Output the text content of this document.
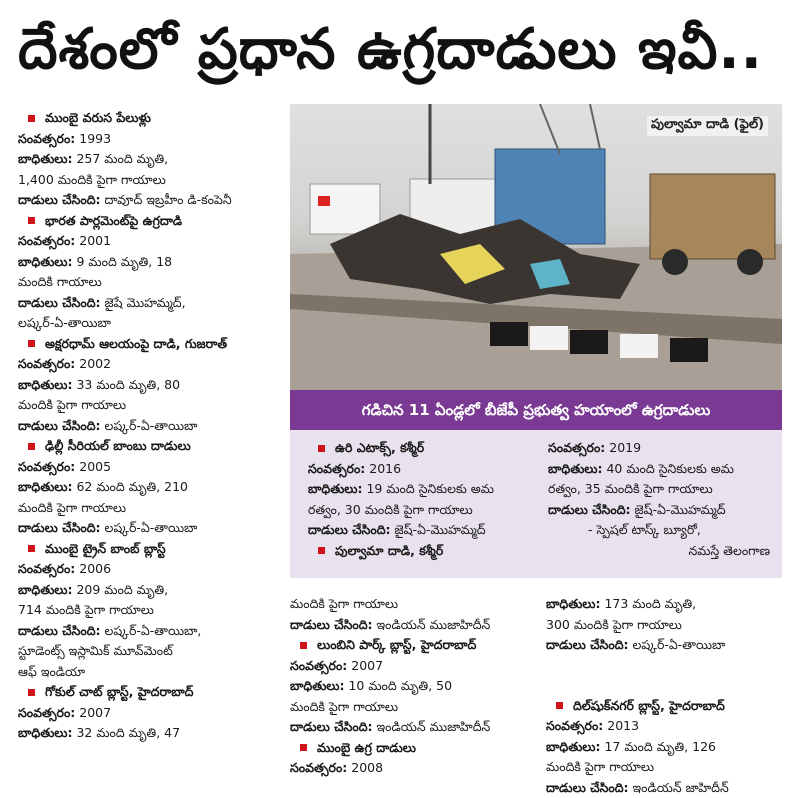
దేశంలో ప్రధాన ఉగ్రదాడులు ఇవీ..
ముంబై వరుస పేలుళ్లు
సంవత్సరం: 1993
బాధితులు: 257 మంది మృతి,
1,400 మందికి పైగా గాయాలు
దాడులు చేసింది: దావూద్ ఇబ్రహీం డి-కంపెనీ
భారత పార్లమెంట్‌పై ఉగ్రదాడి
సంవత్సరం: 2001
బాధితులు: 9 మంది మృతి, 18
మందికి గాయాలు
దాడులు చేసింది: జైషే మొహమ్మద్,
లష్కర్-ఏ-తాయిబా
అక్షరధామ్ ఆలయంపై దాడి, గుజరాత్
సంవత్సరం: 2002
బాధితులు: 33 మంది మృతి, 80
మందికి పైగా గాయాలు
దాడులు చేసింది: లష్కర్-ఏ-తాయిబా
ఢిల్లీ సీరియల్ బాంబు దాడులు
సంవత్సరం: 2005
బాధితులు: 62 మంది మృతి, 210
మందికి పైగా గాయాలు
దాడులు చేసింది: లష్కర్-ఏ-తాయిబా
ముంబై ట్రైన్ బాంబ్ బ్లాస్ట్
సంవత్సరం: 2006
బాధితులు: 209 మంది మృతి,
714 మందికి పైగా గాయాలు
దాడులు చేసింది: లష్కర్-ఏ-తాయిబా,
స్టూడెంట్స్ ఇస్లామిక్ మూవ్‌మెంట్
ఆఫ్ ఇండియా
గోకుల్ చాట్ బ్లాస్ట్, హైదరాబాద్
సంవత్సరం: 2007
బాధితులు: 32 మంది మృతి, 47
పుల్వామా దాడి (ఫైల్)
గడిచిన 11 ఏండ్లలో బీజేపీ ప్రభుత్వ హయాంలో ఉగ్రదాడులు
ఉరి ఎటాక్స్, కశ్మీర్
సంవత్సరం: 2016
బాధితులు: 19 మంది సైనికులకు అమ
రత్వం, 30 మందికి పైగా గాయాలు
దాడులు చేసింది: జైష్-ఏ-మొహమ్మద్
పుల్వామా దాడి, కశ్మీర్
సంవత్సరం: 2019
బాధితులు: 40 మంది సైనికులకు అమ
రత్వం, 35 మందికి పైగా గాయాలు
దాడులు చేసింది: జైష్-ఏ-మొహమ్మద్
- స్పెషల్ టాస్క్ బ్యూరో,
నమస్తే తెలంగాణ
మందికి పైగా గాయాలు
దాడులు చేసింది: ఇండియన్ ముజాహిదీన్
లుంబిని పార్క్ బ్లాస్ట్, హైదరాబాద్
సంవత్సరం: 2007
బాధితులు: 10 మంది మృతి, 50
మందికి పైగా గాయాలు
దాడులు చేసింది: ఇండియన్ ముజాహిదీన్
ముంబై ఉగ్ర దాడులు
సంవత్సరం: 2008
బాధితులు: 173 మంది మృతి,
300 మందికి పైగా గాయాలు
దాడులు చేసింది: లష్కర్-ఏ-తాయిబా
దిల్‌షుక్‌నగర్ బ్లాస్ట్, హైదరాబాద్
సంవత్సరం: 2013
బాధితులు: 17 మంది మృతి, 126
మందికి పైగా గాయాలు
దాడులు చేసింది: ఇండియన్ జాహిదీన్
